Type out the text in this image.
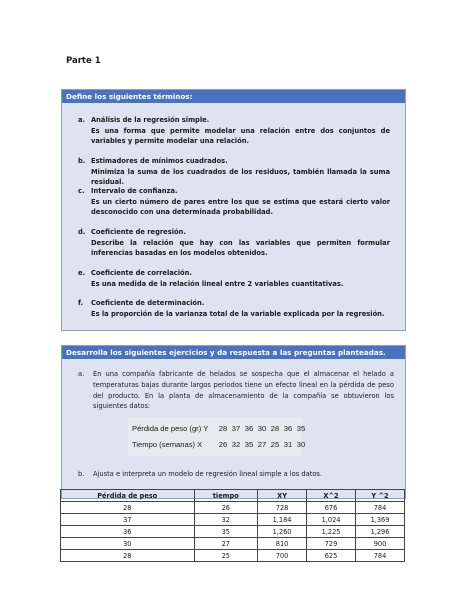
Parte 1
Define los siguientes términos:
a. Análisis de la regresión simple.
Es una forma que permite modelar una relación entre dos conjuntos de variables y permite modelar una relación.
b. Estimadores de mínimos cuadrados.
Minimiza la suma de los cuadrados de los residuos, también llamada la suma residual.
c. Intervalo de confianza.
Es un cierto número de pares entre los que se estima que estará cierto valor desconocido con una determinada probabilidad.
d. Coeficiente de regresión.
Describe la relación que hay con las variables que permiten formular inferencias basadas en los modelos obtenidos.
e. Coeficiente de correlación.
Es una medida de la relación lineal entre 2 variables cuantitativas.
f. Coeficiente de determinación.
Es la proporción de la varianza total de la variable explicada por la regresión.
Desarrolla los siguientes ejercicios y da respuesta a las preguntas planteadas.
a. En una compañía fabricante de helados se sospecha que el almacenar el helado a temperaturas bajas durante largos periodos tiene un efecto lineal en la pérdida de peso del producto. En la planta de almacenamiento de la compañía se obtuvieron los siguientes datos:
Pérdida de peso (gr) Y	28 37 36 30 28 36 35
Tiempo (semanas) X	26 32 35 27 25 31 30
b. Ajusta e interpreta un modelo de regresión lineal simple a los datos.
Pérdida de peso	tiempo	XY	X^2	Y ^2
28	26	728	676	784
37	32	1,184	1,024	1,369
36	35	1,260	1,225	1,296
30	27	810	729	900
28	25	700	625	784
